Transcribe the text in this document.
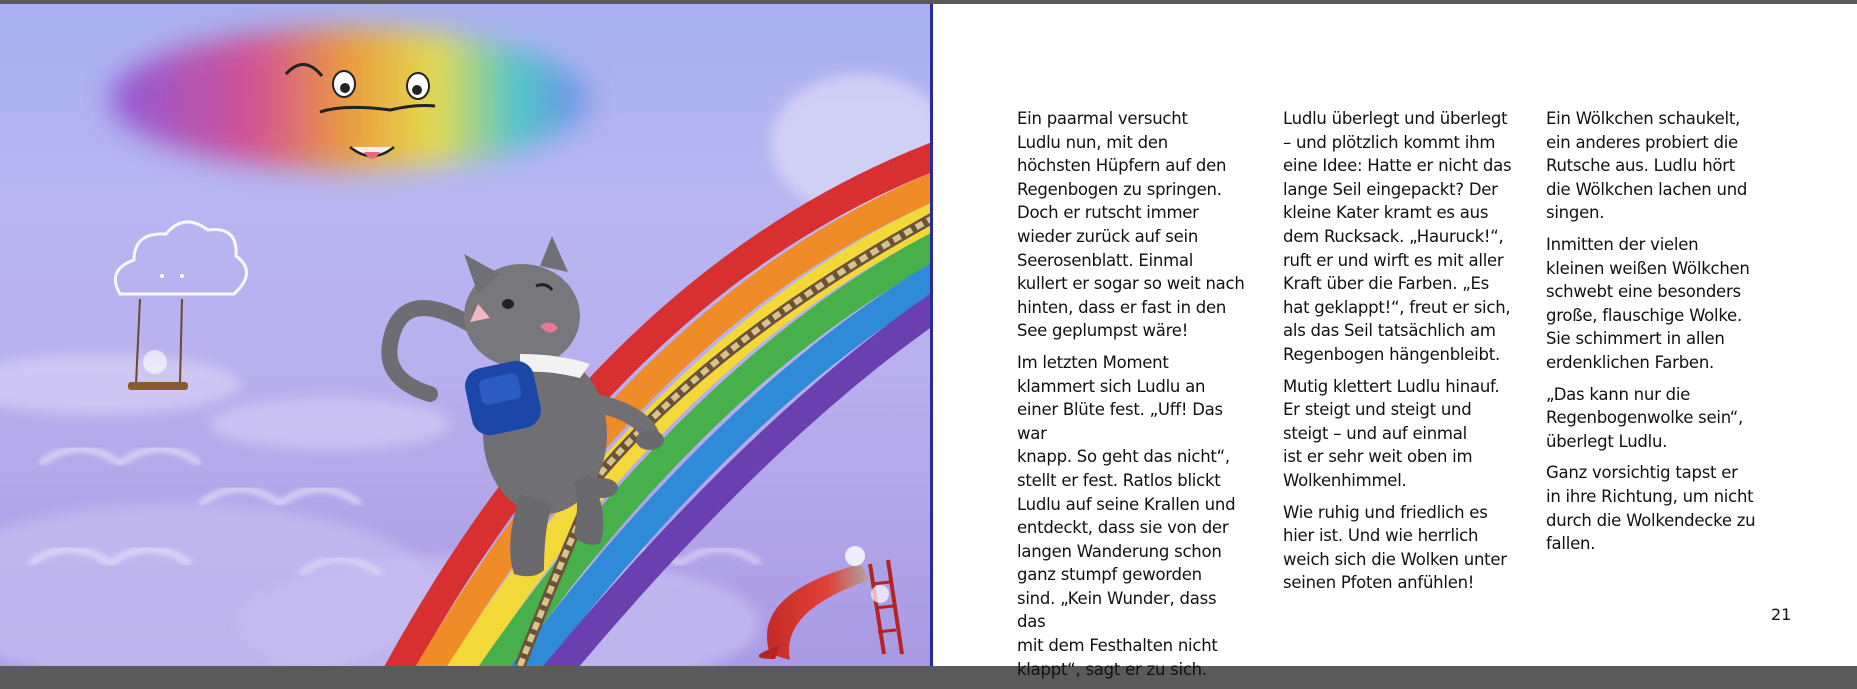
Ein paarmal versucht
Ludlu nun, mit den
höchsten Hüpfern auf den
Regenbogen zu springen.
Doch er rutscht immer
wieder zurück auf sein
Seerosenblatt. Einmal
kullert er sogar so weit nach
hinten, dass er fast in den
See geplumpst wäre!

Im letzten Moment
klammert sich Ludlu an
einer Blüte fest. „Uff! Das war
knapp. So geht das nicht“,
stellt er fest. Ratlos blickt
Ludlu auf seine Krallen und
entdeckt, dass sie von der
langen Wanderung schon
ganz stumpf geworden
sind. „Kein Wunder, dass das
mit dem Festhalten nicht
klappt“, sagt er zu sich.

Ludlu überlegt und überlegt
– und plötzlich kommt ihm
eine Idee: Hatte er nicht das
lange Seil eingepackt? Der
kleine Kater kramt es aus
dem Rucksack. „Hauruck!“,
ruft er und wirft es mit aller
Kraft über die Farben. „Es
hat geklappt!“, freut er sich,
als das Seil tatsächlich am
Regenbogen hängenbleibt.

Mutig klettert Ludlu hinauf.
Er steigt und steigt und
steigt – und auf einmal
ist er sehr weit oben im
Wolkenhimmel.

Wie ruhig und friedlich es
hier ist. Und wie herrlich
weich sich die Wolken unter
seinen Pfoten anfühlen!

Ein Wölkchen schaukelt,
ein anderes probiert die
Rutsche aus. Ludlu hört
die Wölkchen lachen und
singen.

Inmitten der vielen
kleinen weißen Wölkchen
schwebt eine besonders
große, flauschige Wolke.
Sie schimmert in allen
erdenklichen Farben.

„Das kann nur die
Regenbogenwolke sein“,
überlegt Ludlu.

Ganz vorsichtig tapst er
in ihre Richtung, um nicht
durch die Wolkendecke zu
fallen.

21
